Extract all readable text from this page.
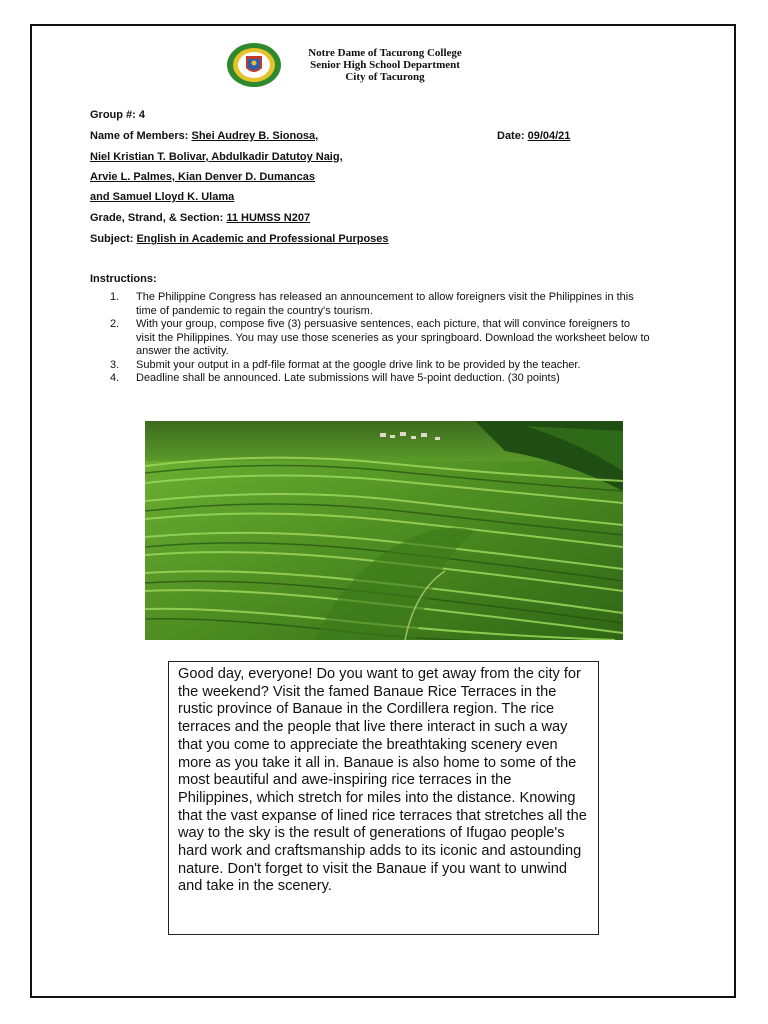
Notre Dame of Tacurong College
Senior High School Department
City of Tacurong
Group #: 4
Name of Members: Shei Audrey B. Sionosa,	Date: 09/04/21
Niel Kristian T. Bolivar, Abdulkadir Datutoy Naig,
Arvie L. Palmes, Kian Denver D. Dumancas
and Samuel Lloyd K. Ulama
Grade, Strand, & Section: 11 HUMSS N207
Subject: English in Academic and Professional Purposes
Instructions:
1. The Philippine Congress has released an announcement to allow foreigners visit the Philippines in this time of pandemic to regain the country's tourism.
2. With your group, compose five (3) persuasive sentences, each picture, that will convince foreigners to visit the Philippines. You may use those sceneries as your springboard. Download the worksheet below to answer the activity.
3. Submit your output in a pdf-file format at the google drive link to be provided by the teacher.
4. Deadline shall be announced. Late submissions will have 5-point deduction. (30 points)
Good day, everyone! Do you want to get away from the city for the weekend? Visit the famed Banaue Rice Terraces in the rustic province of Banaue in the Cordillera region. The rice terraces and the people that live there interact in such a way that you come to appreciate the breathtaking scenery even more as you take it all in. Banaue is also home to some of the most beautiful and awe-inspiring rice terraces in the Philippines, which stretch for miles into the distance. Knowing that the vast expanse of lined rice terraces that stretches all the way to the sky is the result of generations of Ifugao people's hard work and craftsmanship adds to its iconic and astounding nature. Don't forget to visit the Banaue if you want to unwind and take in the scenery.
